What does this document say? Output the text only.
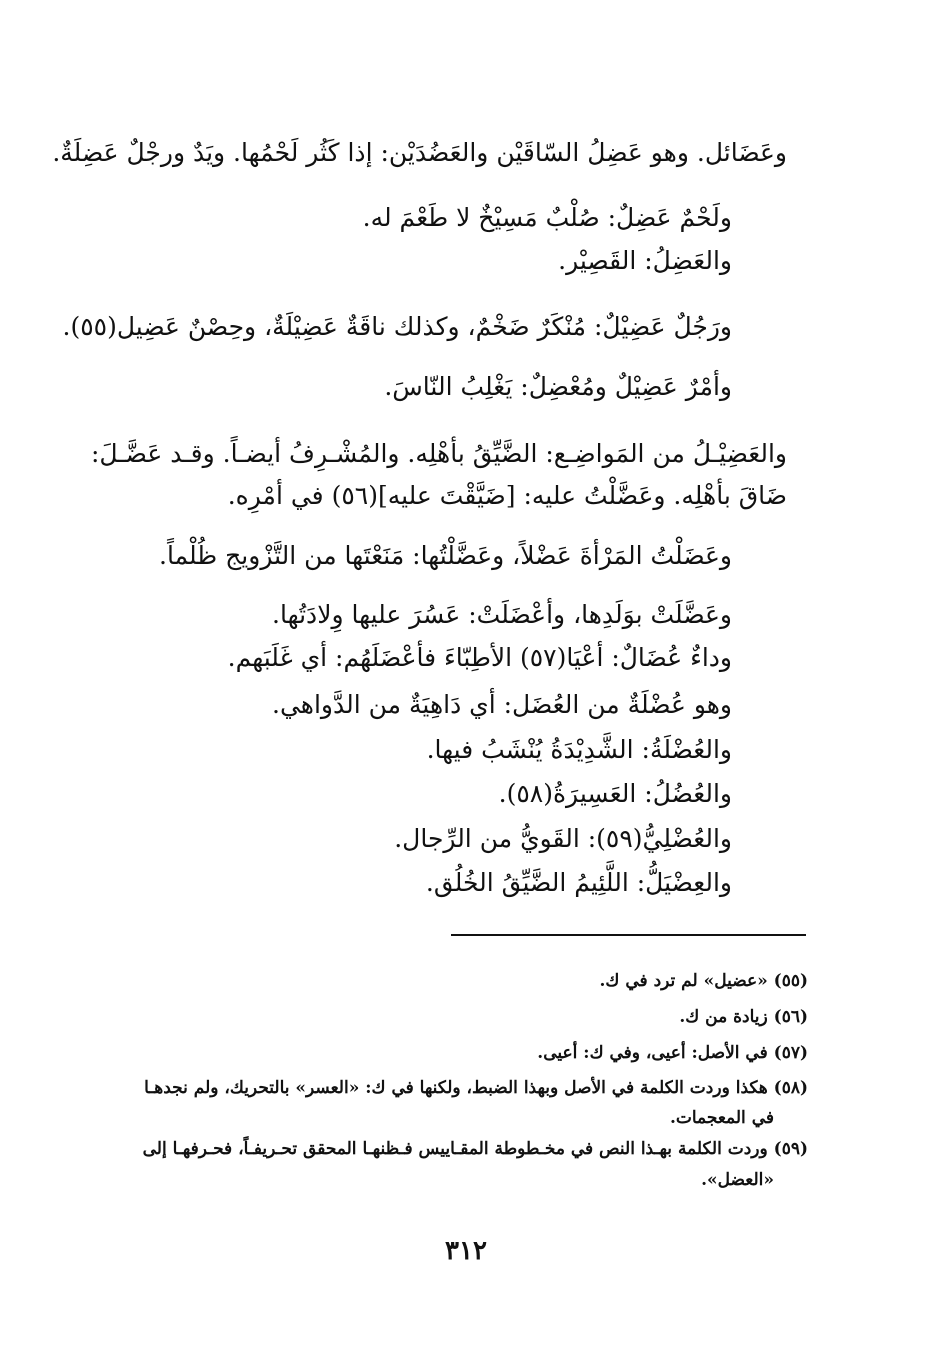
وعَضَائل. وهو عَضِلُ السّاقَيْن والعَضُدَيْن: إذا كَثُر لَحْمُها. ويَدٌ ورجْلٌ عَضِلَةٌ.
ولَحْمٌ عَضِلٌ: صُلْبٌ مَسِيْخٌ لا طَعْمَ له.
والعَضِلُ: القَصِيْر.
ورَجُلٌ عَضِيْلٌ: مُنْكَرٌ ضَخْمٌ، وكذلك ناقَةٌ عَضِيْلَةٌ، وحِصْنٌ عَضِيل(٥٥).
وأمْرٌ عَضِيْلٌ ومُعْضِلٌ: يَغْلِبُ النّاسَ.
والعَضِيْـلُ من المَواضِـع: الضَّيِّقُ بأهْلِه. والمُشْـرِفُ أيضـاً. وقـد عَضَّـلَ:
ضَاقَ بأهْلِه. وعَضَّلْتُ عليه: [ضَيَّقْتَ عليه](٥٦) في أمْرِه.
وعَضَلْتُ المَرْأةَ عَضْلاً، وعَضَّلْتُها: مَنَعْتَها من التَّزْويج ظُلْماً.
وعَضَّلَتْ بوَلَدِها، وأعْضَلَتْ: عَسُرَ عليها وِلادَتُها.
وداءٌ عُضَالٌ: أعْيَا(٥٧) الأطِبّاءَ فأعْضَلَهُم: أي غَلَبَهم.
وهو عُضْلَةٌ من العُضَل: أي دَاهِيَةٌ من الدَّواهي.
والعُضْلَةُ: الشَّدِيْدَةُ يُنْشَبُ فيها.
والعُضُلُ: العَسِيرَةُ(٥٨).
والعُضْلِيُّ(٥٩): القَويُّ من الرِّجال.
والعِضْيَلُّ: اللَّئِيمُ الضَّيِّقُ الخُلُق.
(٥٥) «عضيل» لم ترد في ك.
(٥٦) زيادة من ك.
(٥٧) في الأصل: أعيى، وفي ك: أعيى.
(٥٨) هكذا وردت الكلمة في الأصل وبهذا الضبط، ولكنها في ك: «العسر» بالتحريك، ولم نجدهـا
في المعجمات.
(٥٩) وردت الكلمة بهـذا النص في مخـطوطة المقـاييس فـظنهـا المحقق تحـريفـاً، فحـرفهـا إلى
«العضل».
٣١٢
